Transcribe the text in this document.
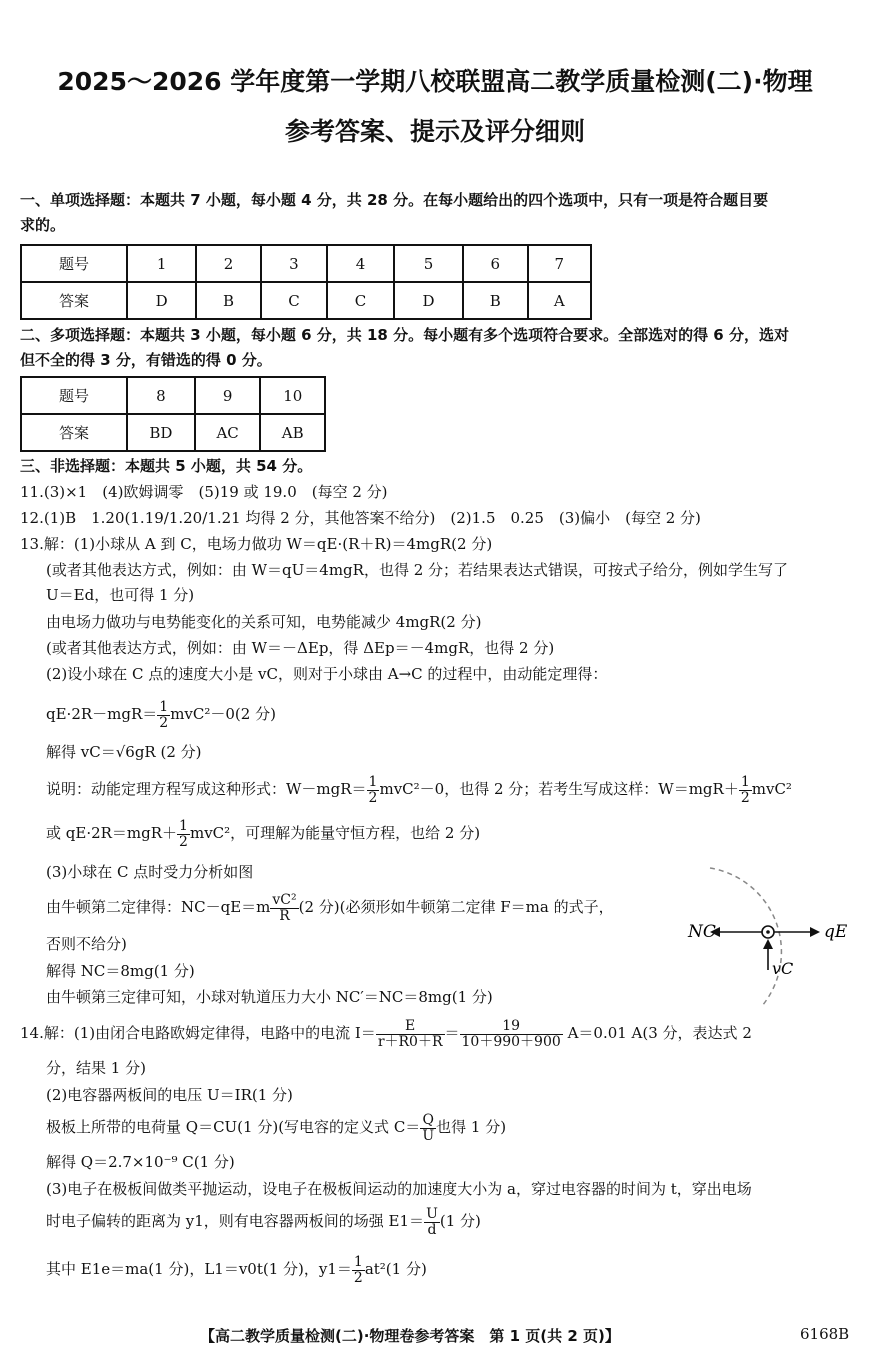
2025～2026 学年度第一学期八校联盟高二教学质量检测(二)·物理
参考答案、提示及评分细则
一、单项选择题：本题共 7 小题，每小题 4 分，共 28 分。在每小题给出的四个选项中，只有一项是符合题目要
求的。
题号	1	2	3	4	5	6	7
答案	D	B	C	C	D	B	A
二、多项选择题：本题共 3 小题，每小题 6 分，共 18 分。每小题有多个选项符合要求。全部选对的得 6 分，选对
但不全的得 3 分，有错选的得 0 分。
题号	8	9	10
答案	BD	AC	AB
三、非选择题：本题共 5 小题，共 54 分。
11.(3)×1　(4)欧姆调零　(5)19 或 19.0　(每空 2 分)
12.(1)B　1.20(1.19/1.20/1.21 均得 2 分，其他答案不给分)　(2)1.5　0.25　(3)偏小　(每空 2 分)
13.解：(1)小球从 A 到 C，电场力做功 W＝qE·(R＋R)＝4mgR(2 分)
(或者其他表达方式，例如：由 W＝qU＝4mgR，也得 2 分；若结果表达式错误，可按式子给分，例如学生写了
U＝Ed，也可得 1 分)
由电场力做功与电势能变化的关系可知，电势能减少 4mgR(2 分)
(或者其他表达方式，例如：由 W＝－ΔEp，得 ΔEp＝－4mgR，也得 2 分)
(2)设小球在 C 点的速度大小是 vC，则对于小球由 A→C 的过程中，由动能定理得：
$qE\cdot 2R-mgR= \frac{1}{2} mvC^2-0(2$ 分)
解得 vC＝√6gR (2 分)
说明：动能定理方程写成这种形式：$W-mgR= \frac{1}{2} mvC^2-0$，也得 2 分；若考生写成这样：$W=mgR+ \frac{1}{2} mvC^2$
或 $qE\cdot 2R=mgR+ \frac{1}{2} mvC^2$，可理解为能量守恒方程，也给 2 分)
(3)小球在 C 点时受力分析如图
由牛顿第二定律得：$NC-qE=m \frac{\text{vC²}}{R} (2$ 分)(必须形如牛顿第二定律 F＝ma 的式子，
否则不给分)
解得 NC＝8mg(1 分)
由牛顿第三定律可知，小球对轨道压力大小 NC′＝NC＝8mg(1 分)
NC	qE
vC
14.解：(1)由闭合电路欧姆定律得，电路中的电流 $I= \frac{E}{r+R0+R} = \frac{19}{10+990+900} A=0.01$ A(3 分，表达式 2
分，结果 1 分)
(2)电容器两板间的电压 U＝IR(1 分)
极板上所带的电荷量 Q＝CU(1 分)(写电容的定义式 $C= \frac{Q}{U}$ 也得 1 分)
解得 Q＝2.7×10⁻⁹ C(1 分)
(3)电子在极板间做类平抛运动，设电子在极板间运动的加速度大小为 a，穿过电容器的时间为 t，穿出电场
时电子偏转的距离为 y1，则有电容器两板间的场强 $E1= \frac{U}{d} (1$ 分)
其中 E1e＝ma(1 分)，L1＝v0t(1 分)，$y1= \frac{1}{2} at^2(1$ 分)
【高二教学质量检测(二)·物理卷参考答案　第 1 页(共 2 页)】	6168B
